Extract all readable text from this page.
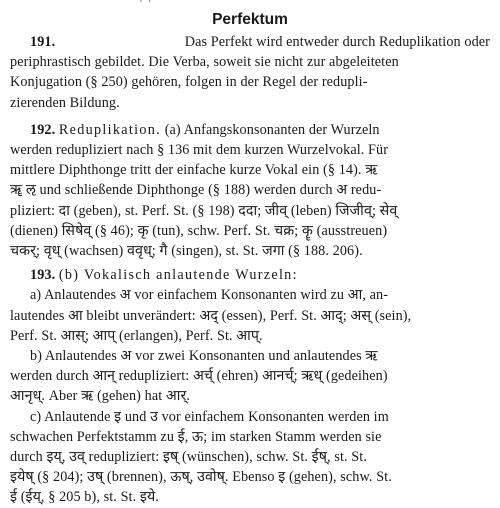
' '
Perfektum

191.	Das Perfekt wird entweder durch Reduplikation oder

periphrastisch gebildet. Die Verba, soweit sie nicht zur abgeleiteten

Konjugation (§ 250) gehören, folgen in der Regel der redupli-

zierenden Bildung.

192. Reduplikation. (a) Anfangskonsonanten der Wurzeln

werden redupliziert nach § 136 mit dem kurzen Wurzelvokal. Für

mittlere Diphthonge tritt der einfache kurze Vokal ein (§ 14). ऋ

ॠ ऌ und schließende Diphthonge (§ 188) werden durch अ redu-

pliziert: दा (geben), st. Perf. St. (§ 198) ददा; जीव् (leben) जिजीव्; सेव्

(dienen) सिषेव् (§ 46); कृ (tun), schw. Perf. St. चक्र; कॄ (ausstreuen)

चकर्; वृध् (wachsen) ववृध्; गै (singen), st. St. जगा (§ 188. 206).

193. (b) Vokalisch anlautende Wurzeln:

a) Anlautendes अ vor einfachem Konsonanten wird zu आ, an-

lautendes आ bleibt unverändert: अद् (essen), Perf. St. आद्; अस् (sein),

Perf. St. आस्; आप् (erlangen), Perf. St. आप्.

b) Anlautendes अ vor zwei Konsonanten und anlautendes ऋ

werden durch आन् redupliziert: अर्च् (ehren) आनर्च्; ऋध् (gedeihen)

आनृध्. Aber ऋ (gehen) hat आर्.

c) Anlautende इ und उ vor einfachem Konsonanten werden im

schwachen Perfektstamm zu ई, ऊ; im starken Stamm werden sie

durch इय्, उव् redupliziert: इष् (wünschen), schw. St. ईष्, st. St.

इयेष् (§ 204); उष् (brennen), ऊष्, उवोष्. Ebenso इ (gehen), schw. St.

ई (ईय्, § 205 b), st. St. इये.
